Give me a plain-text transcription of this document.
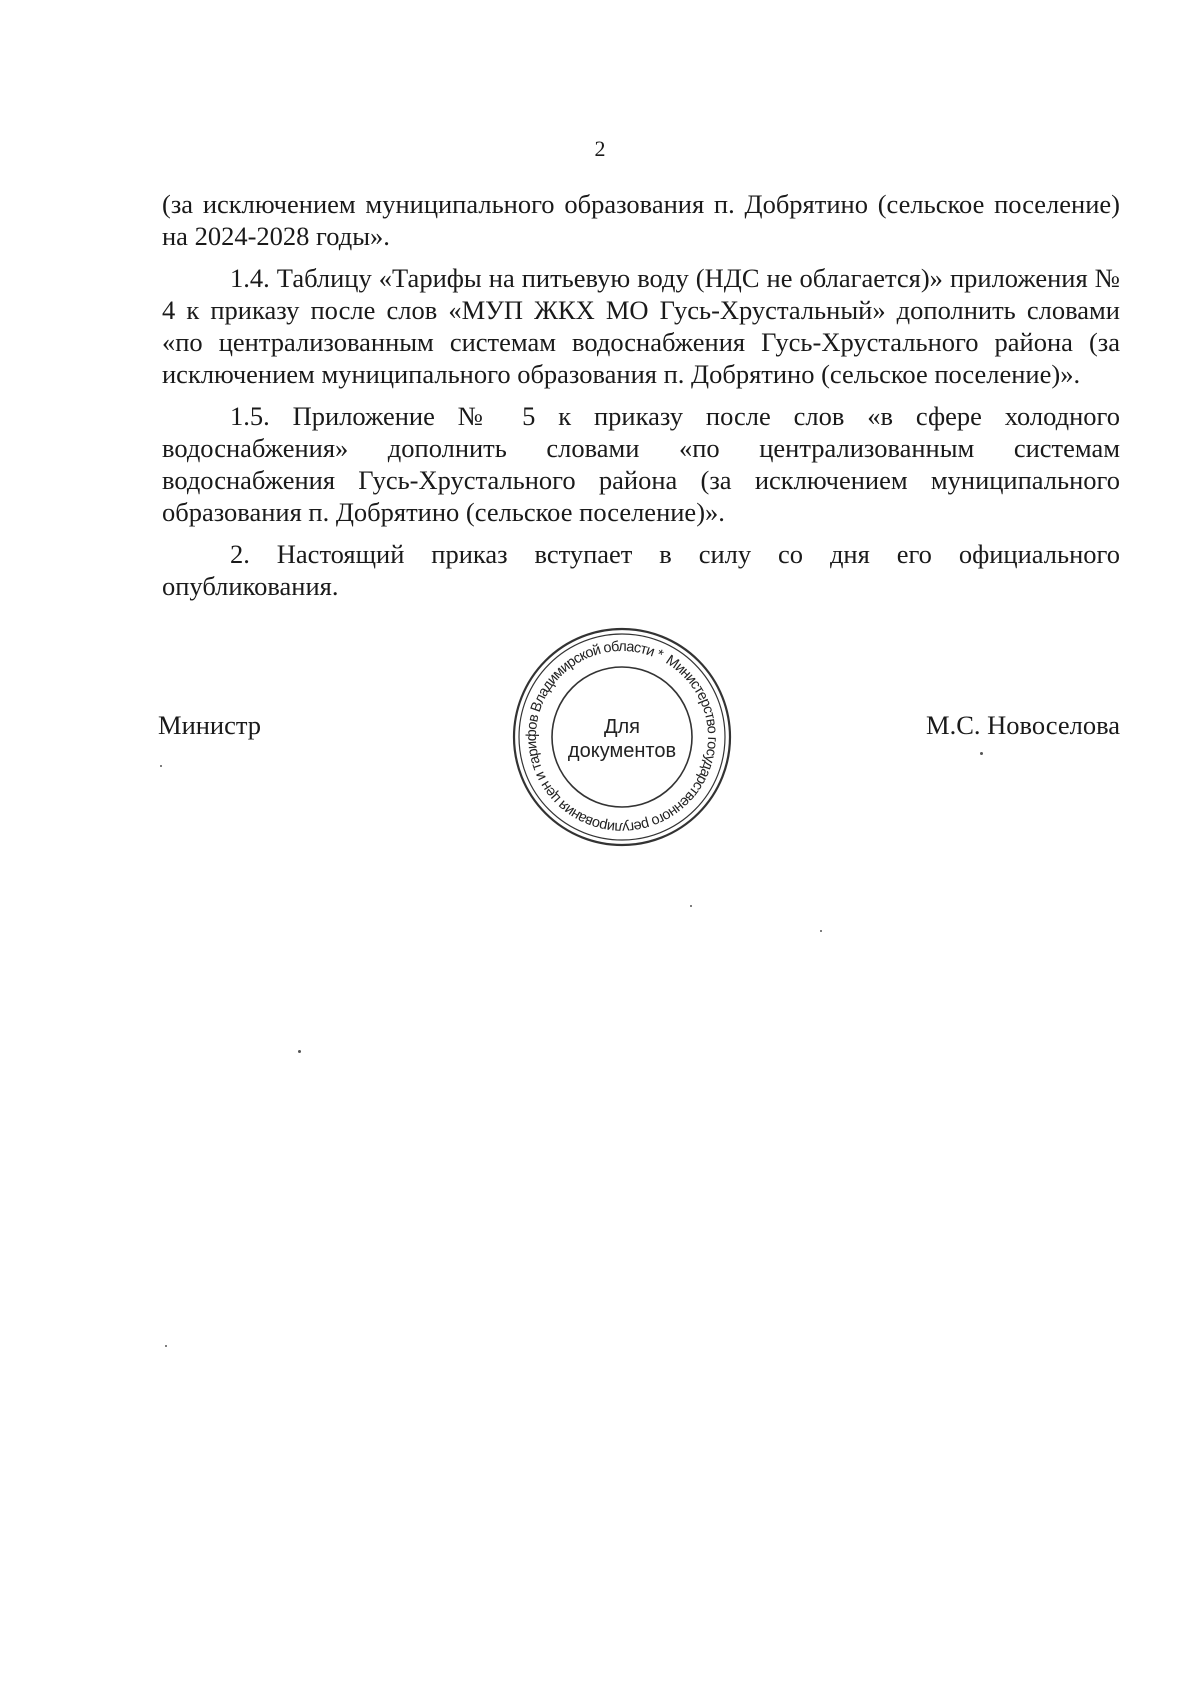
2

(за исключением муниципального образования п. Добрятино (сельское поселение) на 2024-2028 годы».

1.4. Таблицу «Тарифы на питьевую воду (НДС не облагается)» приложения № 4 к приказу после слов «МУП ЖКХ МО Гусь-Хрустальный» дополнить словами «по централизованным системам водоснабжения Гусь-Хрустального района (за исключением муниципального образования п. Добрятино (сельское поселение)».

1.5. Приложение № 5 к приказу после слов «в сфере холодного водоснабжения» дополнить словами «по централизованным системам водоснабжения Гусь-Хрустального района (за исключением муниципального образования п. Добрятино (сельское поселение)».

2. Настоящий приказ вступает в силу со дня его официального опубликования.

Министр	М.С. Новоселова
Министерство государственного регулирования цен и тарифов Владимирской области *
Для
документов
